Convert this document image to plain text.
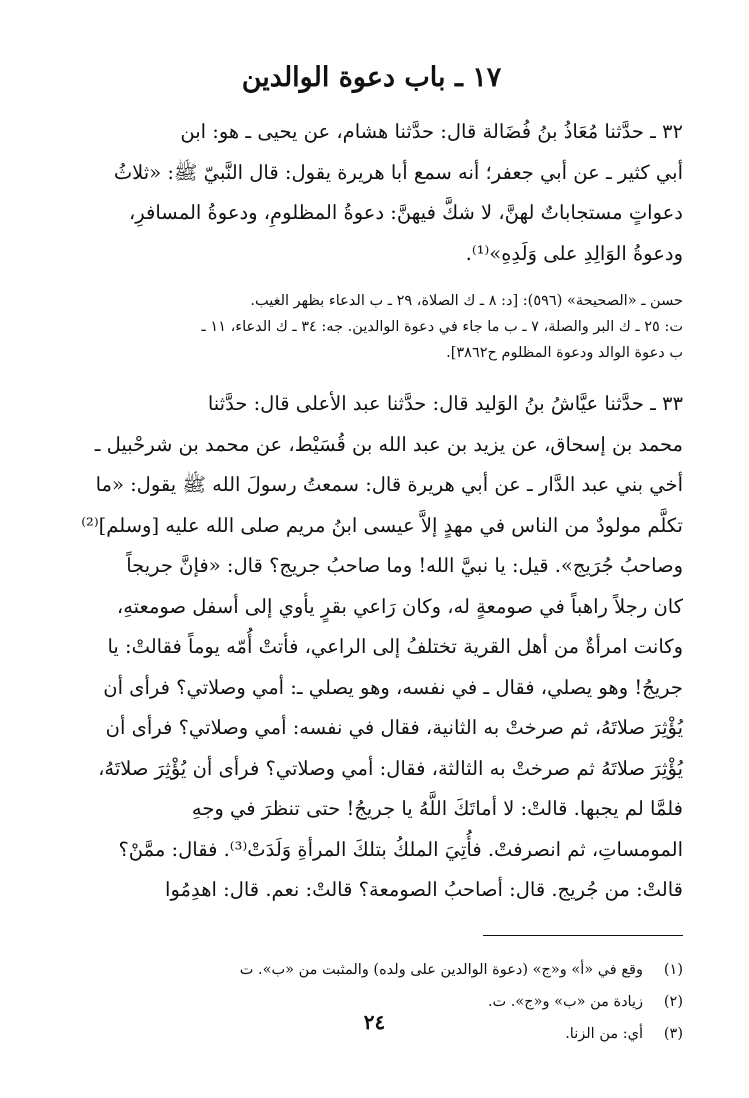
١٧ ـ باب دعوة الوالدين

٣٢ ـ حدَّثنا مُعَاذُ بنُ فُضَالة قال: حدَّثنا هشام، عن يحيى ـ هو: ابن

أبي كثير ـ عن أبي جعفر؛ أنه سمع أبا هريرة يقول: قال النَّبيّ ﷺ: «ثلاثُ

دعواتٍ مستجاباتٌ لهنَّ، لا شكَّ فيهنَّ: دعوةُ المظلومِ، ودعوةُ المسافرِ،

ودعوةُ الوَالِدِ على وَلَدِهِ»⁽¹⁾.

حسن ـ «الصحيحة» (٥٩٦): [د: ٨ ـ ك الصلاة، ٢٩ ـ ب الدعاء بظهر الغيب.

ت: ٢٥ ـ ك البر والصلة، ٧ ـ ب ما جاء في دعوة الوالدين. جه: ٣٤ ـ ك الدعاء، ١١ ـ

ب دعوة الوالد ودعوة المظلوم ح٣٨٦٢].

٣٣ ـ حدَّثنا عيَّاشُ بنُ الوَليد قال: حدَّثنا عبد الأعلى قال: حدَّثنا

محمد بن إسحاق، عن يزيد بن عبد الله بن قُسَيْط، عن محمد بن شرحْبيل ـ

أخي بني عبد الدَّار ـ عن أبي هريرة قال: سمعتُ رسولَ الله ﷺ يقول: «ما

تكلَّم مولودٌ من الناس في مهدٍ إلاَّ عيسى ابنُ مريم صلى الله عليه [وسلم]⁽²⁾

وصاحبُ جُرَيج». قيل: يا نبيَّ الله! وما صاحبُ جريج؟ قال: «فإنَّ جريجاً

كان رجلاً راهباً في صومعةٍ له، وكان رَاعي بقرٍ يأوي إلى أسفل صومعتهِ،

وكانت امرأةٌ من أهل القرية تختلفُ إلى الراعي، فأتتْ أُمّه يوماً فقالتْ: يا

جريجُ! وهو يصلي، فقال ـ في نفسه، وهو يصلي ـ: أمي وصلاتي؟ فرأى أن

يُؤْثِرَ صلاتَهُ، ثم صرختْ به الثانية، فقال في نفسه: أمي وصلاتي؟ فرأى أن

يُؤْثِرَ صلاتَهُ ثم صرختْ به الثالثة، فقال: أمي وصلاتي؟ فرأى أن يُؤْثِرَ صلاتَهُ،

فلمَّا لم يجبها. قالتْ: لا أماتَكَ اللَّهُ يا جريجُ! حتى تنظرَ في وجهِ

المومساتِ، ثم انصرفتْ. فأُتِيَ الملكُ بتلكَ المرأةِ وَلَدَتْ⁽³⁾. فقال: ممَّنْ؟

قالتْ: من جُريج. قال: أصاحبُ الصومعة؟ قالتْ: نعم. قال: اهدِمُوا

(١)
وقع في «أ» و«ج» (دعوة الوالدين على ولده) والمثبت من «ب». ت
(٢)
زيادة من «ب» و«ج». ت.
(٣)
أي: من الزنا.
٢٤
